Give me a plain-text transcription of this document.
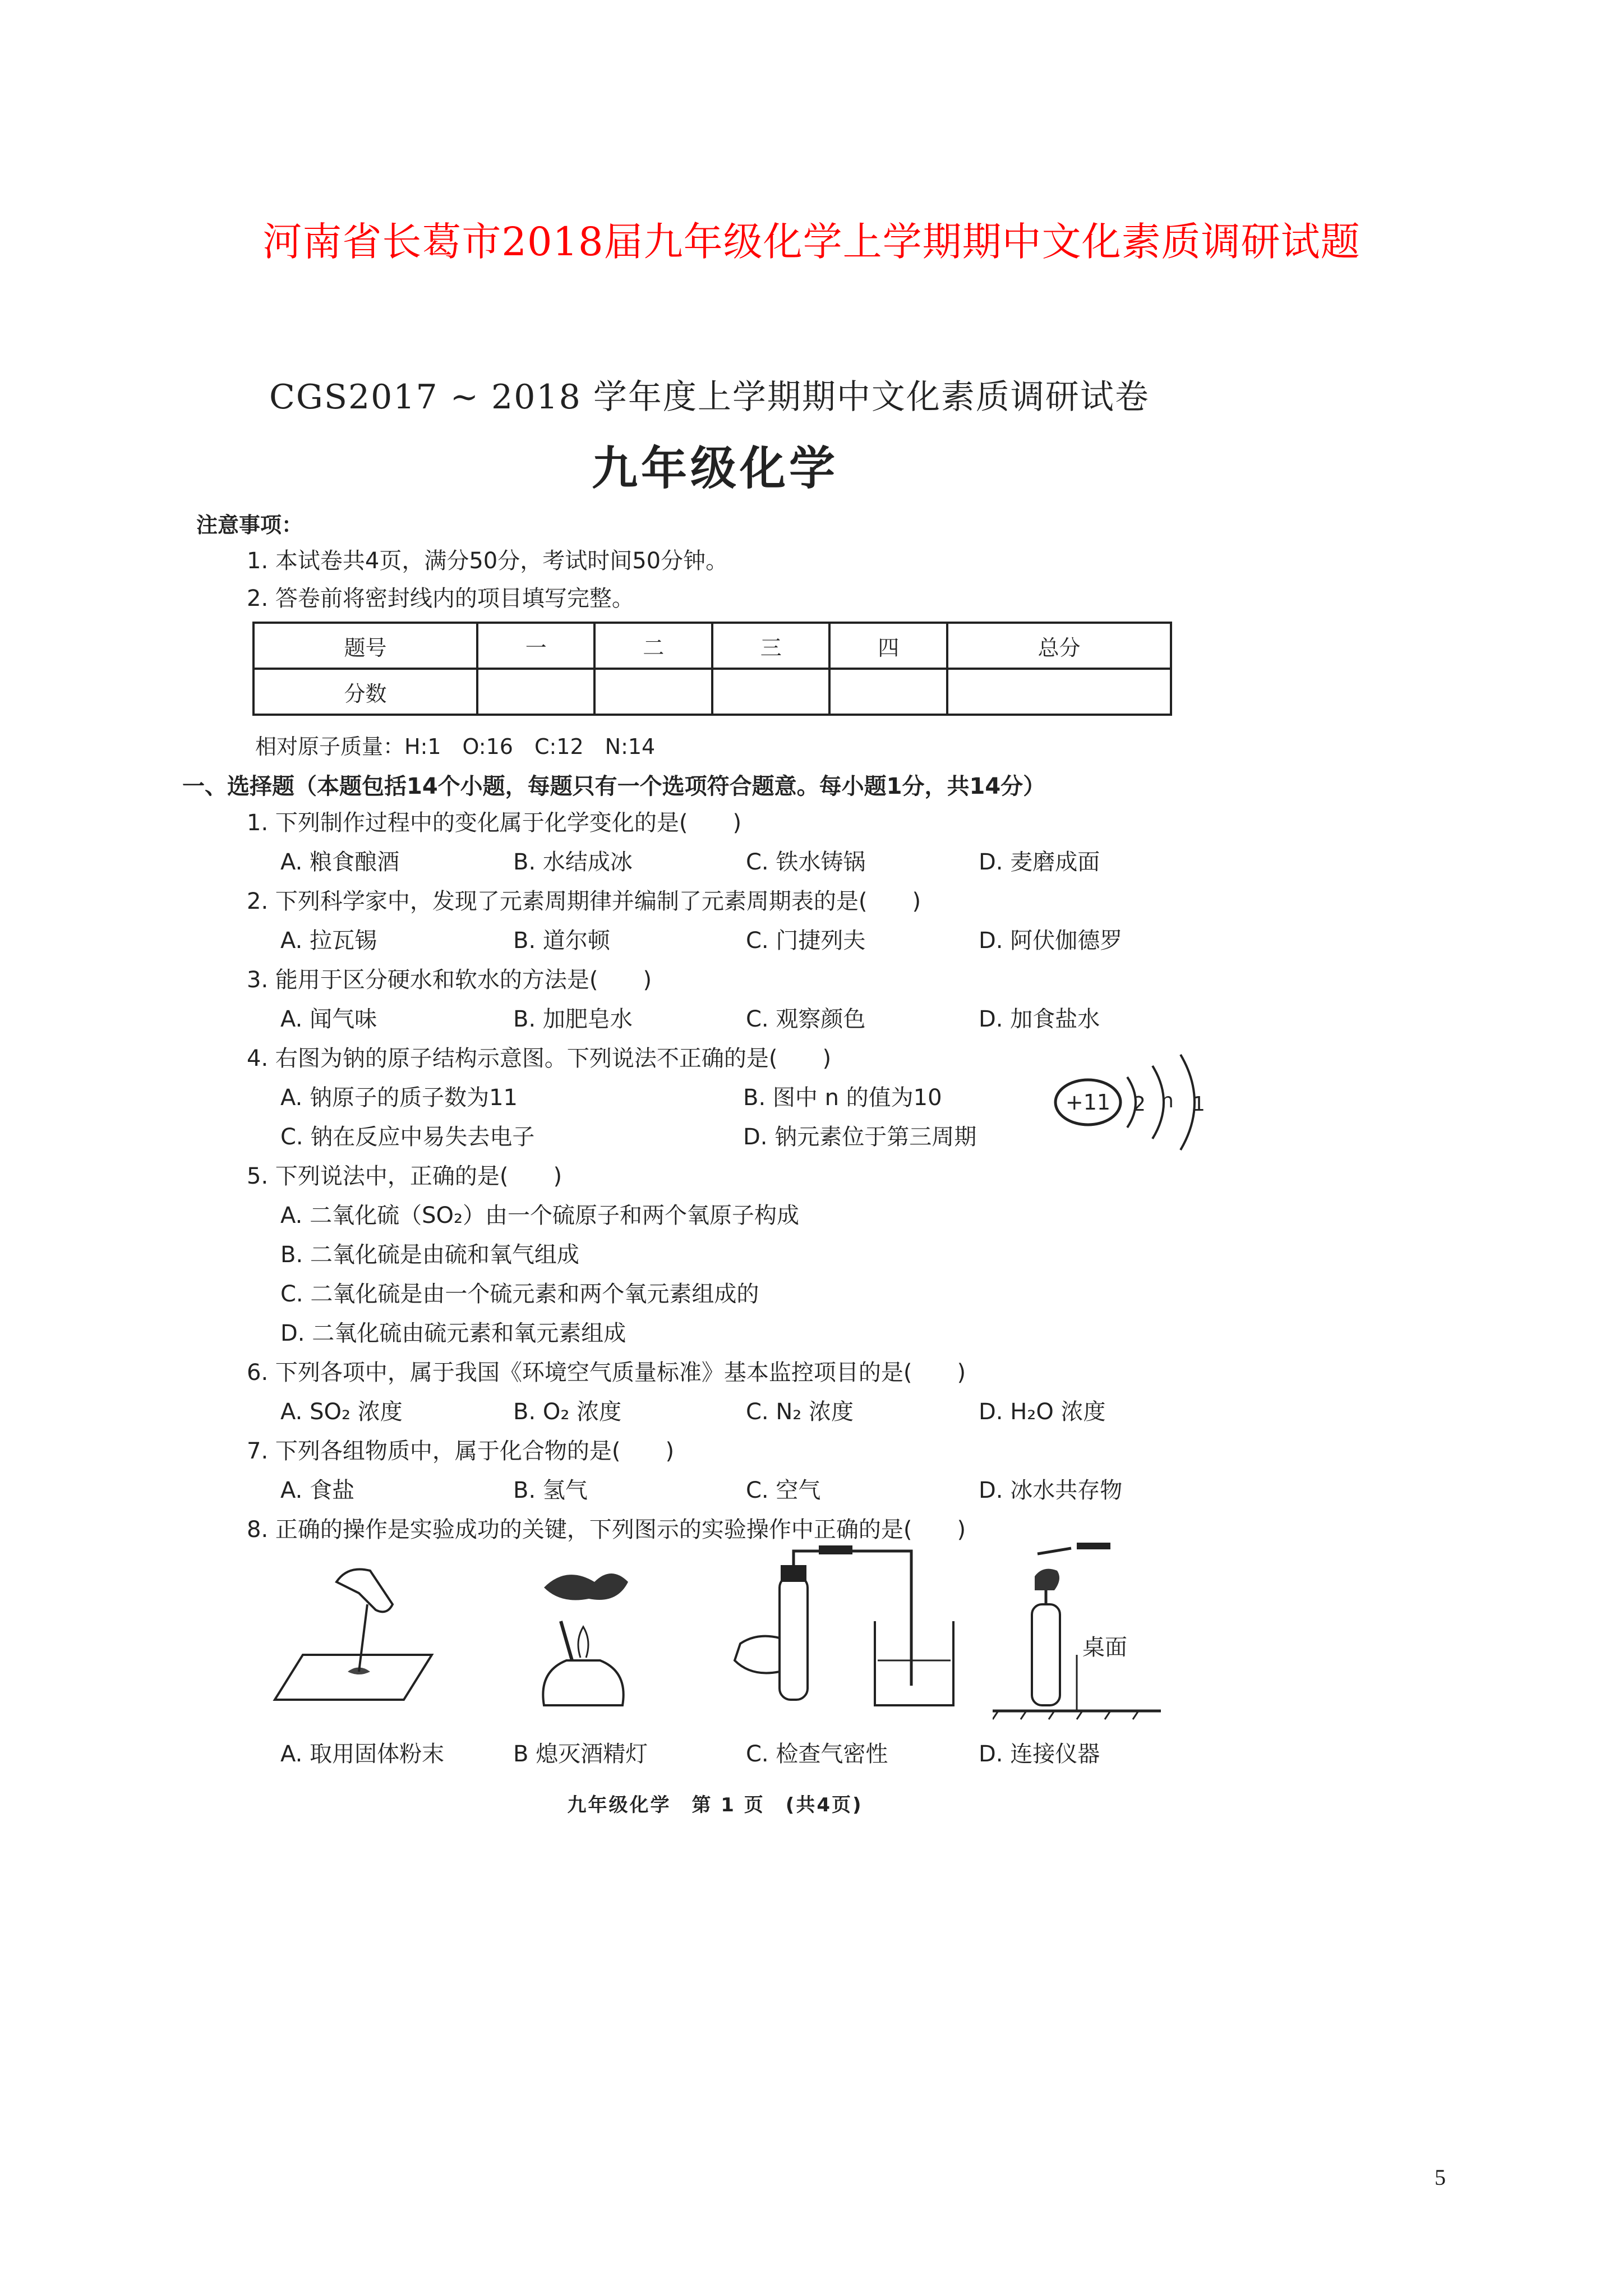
河南省长葛市2018届九年级化学上学期期中文化素质调研试题
CGS2017 ~ 2018 学年度上学期期中文化素质调研试卷
九年级化学
注意事项：
1. 本试卷共4页，满分50分，考试时间50分钟。
2. 答卷前将密封线内的项目填写完整。
题号	一	二	三	四	总分
分数					
相对原子质量：H:1　O:16　C:12　N:14
一、选择题（本题包括14个小题，每题只有一个选项符合题意。每小题1分，共14分）
1. 下列制作过程中的变化属于化学变化的是(　　)
A. 粮食酿酒	B. 水结成冰	C. 铁水铸锅	D. 麦磨成面
2. 下列科学家中，发现了元素周期律并编制了元素周期表的是(　　)
A. 拉瓦锡	B. 道尔顿	C. 门捷列夫	D. 阿伏伽德罗
3. 能用于区分硬水和软水的方法是(　　)
A. 闻气味	B. 加肥皂水	C. 观察颜色	D. 加食盐水
4. 右图为钠的原子结构示意图。下列说法不正确的是(　　)
A. 钠原子的质子数为11	B. 图中 n 的值为10
C. 钠在反应中易失去电子	D. 钠元素位于第三周期
+11 2 n 1
5. 下列说法中，正确的是(　　)
A. 二氧化硫（SO₂）由一个硫原子和两个氧原子构成
B. 二氧化硫是由硫和氧气组成
C. 二氧化硫是由一个硫元素和两个氧元素组成的
D. 二氧化硫由硫元素和氧元素组成
6. 下列各项中，属于我国《环境空气质量标准》基本监控项目的是(　　)
A. SO₂ 浓度	B. O₂ 浓度	C. N₂ 浓度	D. H₂O 浓度
7. 下列各组物质中，属于化合物的是(　　)
A. 食盐	B. 氢气	C. 空气	D. 冰水共存物
8. 正确的操作是实验成功的关键，下列图示的实验操作中正确的是(　　)
A. 取用固体粉末	B 熄灭酒精灯	C. 检查气密性
桌面
D. 连接仪器
九年级化学　第 1 页　(共4页)
5
